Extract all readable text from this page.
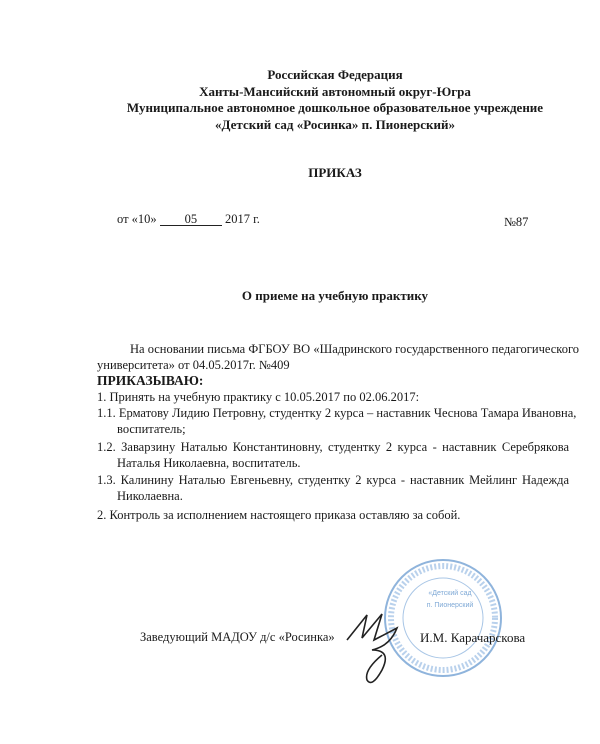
Российская Федерация
Ханты-Мансийский автономный округ-Югра
Муниципальное автономное дошкольное образовательное учреждение
«Детский сад «Росинка» п. Пионерский»
ПРИКАЗ
от «10» 05 2017 г.	№87
О приеме на учебную практику
На основании письма ФГБОУ ВО «Шадринского государственного педагогического
университета» от 04.05.2017г. №409
ПРИКАЗЫВАЮ:
1. Принять на учебную практику с 10.05.2017 по 02.06.2017:
1.1. Ерматову Лидию Петровну, студентку 2 курса – наставник Чеснова Тамара Ивановна,
воспитатель;
1.2. Заварзину Наталью Константиновну, студентку 2 курса - наставник Серебрякова
Наталья Николаевна, воспитатель.
1.3. Калинину Наталью Евгеньевну, студентку 2 курса - наставник Мейлинг Надежда
Николаевна.
2. Контроль за исполнением настоящего приказа оставляю за собой.
«Детский сад
п. Пионерский
Заведующий МАДОУ д/с «Росинка»	И.М. Карачарскова
